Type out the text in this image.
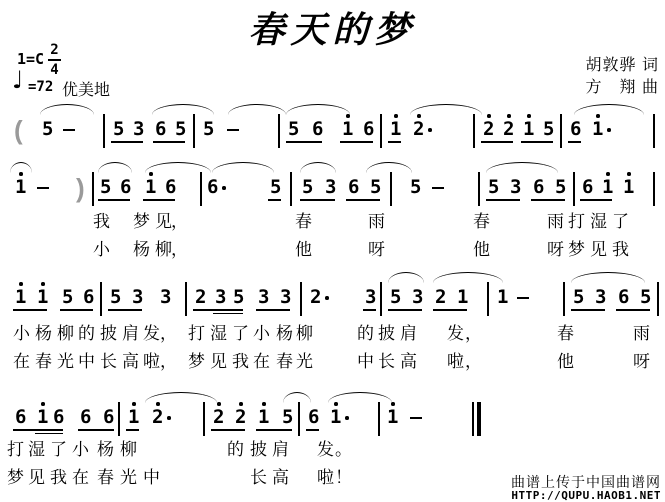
春天的梦
1=C 2
4
♩ =72 优美地
胡敦骅 词
方　翔 曲
( 5	5 3 6 5 5	5 6 1 6 1 2	2 2 1 5 6 1
)
1	5 6 1 6 6	5 5 3 6 5 5	5 3 6 5 6 1 1
1 1 5 6 5 3 3 2 3 5 3 3 2 3 5 3 2 1 1	5 3 6 5
6 1 6 6 6 1 2	2 2 1 5 6 1 1
我 梦 见 ，	春	雨	春	雨 打 湿 了
小 杨 柳 ，	他	呀	他	呀 梦 见 我
小 杨 柳 的 披 肩 发 ， 打 湿 了 小 杨 柳	的 披 肩 发 ，	春	雨
在 春 光 中 长 高 啦 ， 梦 见 我 在 春 光	中 长 高 啦 ，	他	呀
打 湿 了 小 杨 柳	的 披 肩 发 。
梦 见 我 在 春 光 中	长 高 啦 ！	曲谱上传于中国曲谱网
HTTP://QUPU.HAOB1.NET
